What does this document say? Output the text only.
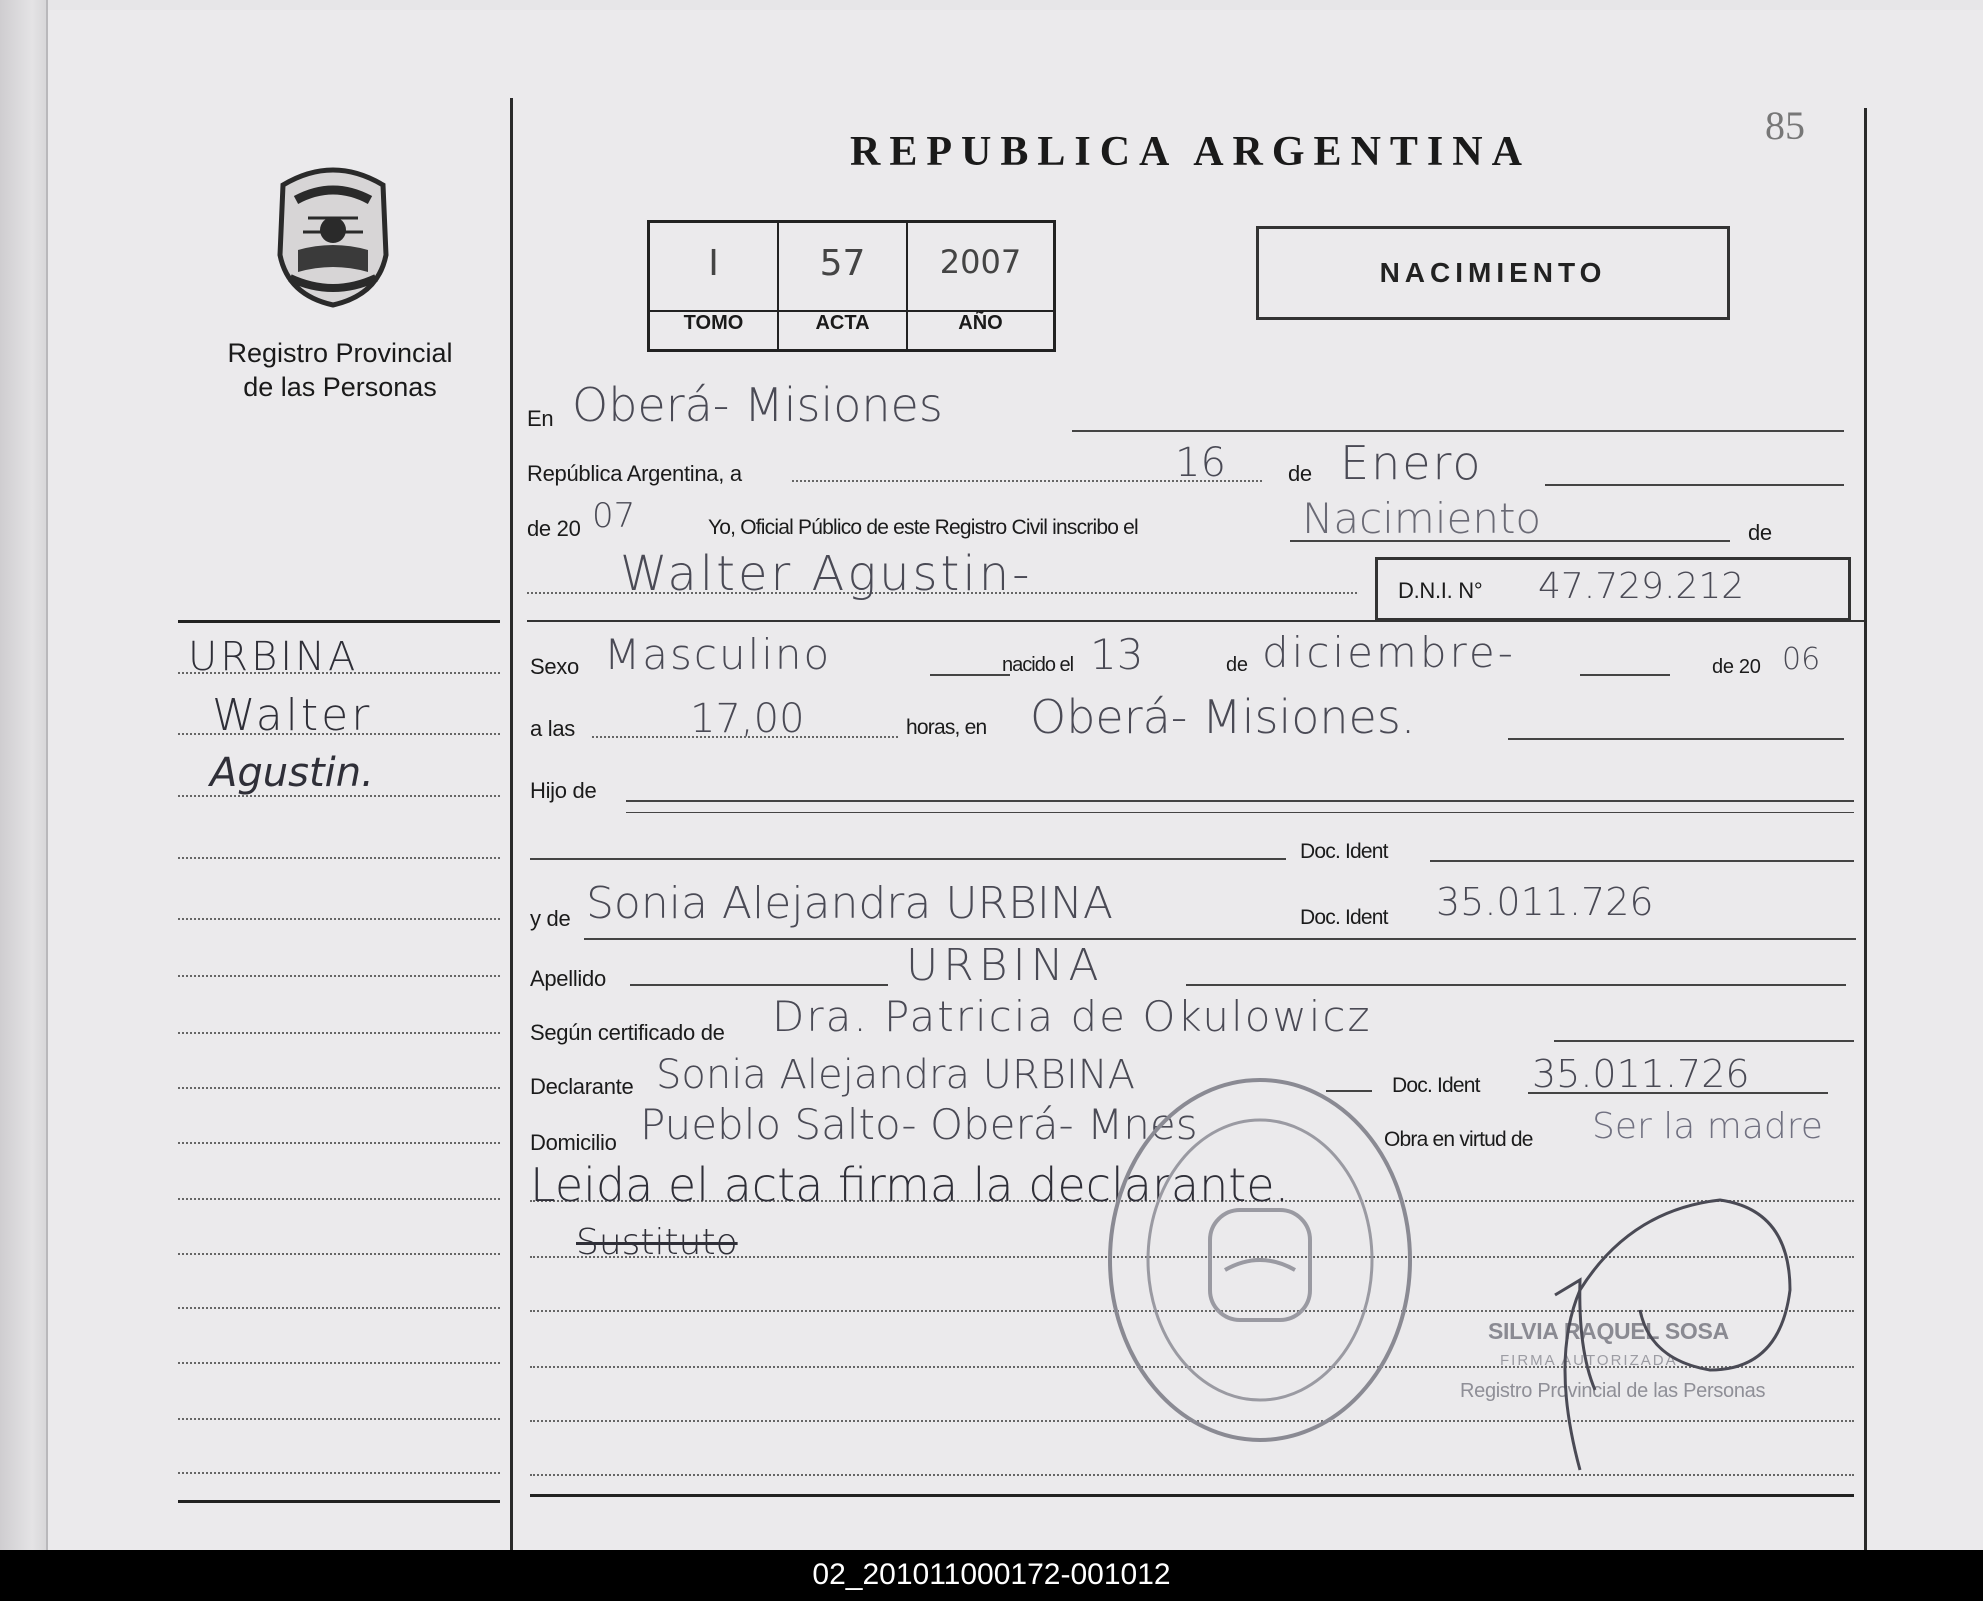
REPUBLICA ARGENTINA
85
Registro Provincial
de las Personas
URBINA
Walter
Agustin.
I	57	2007
TOMO	ACTA	AÑO
NACIMIENTO
En Oberá- Misiones
República Argentina, a	16	de Enero
de 20 07	Yo, Oficial Público de este Registro Civil inscribo el	Nacimiento	de
Walter Agustin-	D.N.I. N° 47.729.212
Sexo Masculino	nacido el 13	de diciembre-	de 20 06
a las	17,00	horas, en Oberá- Misiones.
Hijo de
Doc. Ident
y de Sonia Alejandra URBINA	Doc. Ident 35.011.726
Apellido	URBINA
Según certificado de Dra. Patricia de Okulowicz
Declarante Sonia Alejandra URBINA	Doc. Ident 35.011.726
Domicilio Pueblo Salto- Oberá- Mnes	Obra en virtud de Ser la madre
Leida el acta firma la declarante.
Sustituto
SILVIA RAQUEL SOSA
FIRMA AUTORIZADA
Registro Provincial de las Personas
02_201011000172-001012
